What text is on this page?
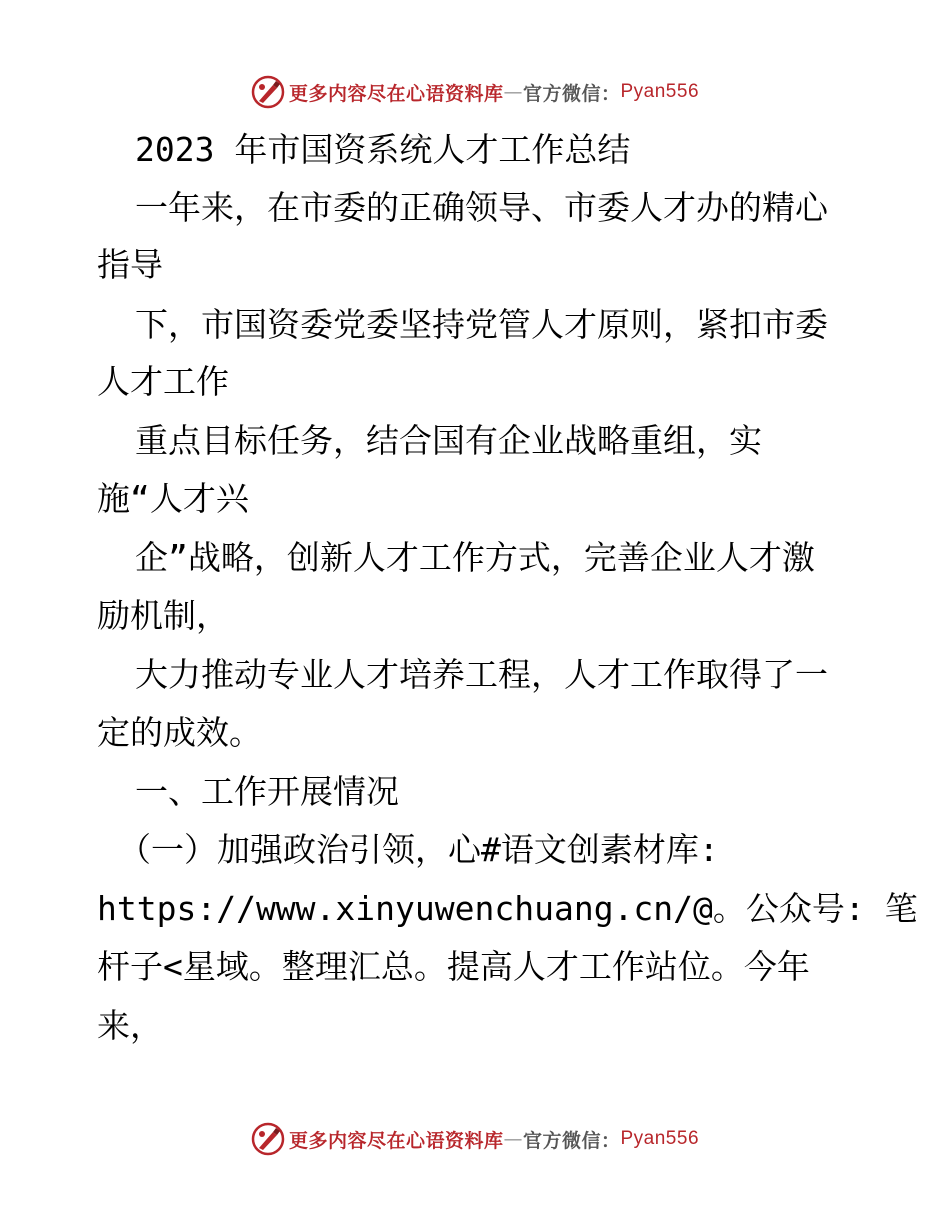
更多内容尽在心语资料库 — 官方微信： Pyan556
2023 年市国资系统人才工作总结
一年来，在市委的正确领导、市委人才办的精心
指导
下，市国资委党委坚持党管人才原则，紧扣市委
人才工作
重点目标任务，结合国有企业战略重组，实
施“人才兴
企”战略，创新人才工作方式，完善企业人才激
励机制，
大力推动专业人才培养工程，人才工作取得了一
定的成效。
一、工作开展情况
（一）加强政治引领，心#语文创素材库:
https://www.xinyuwenchuang.cn/@。公众号: 笔
杆子<星域。整理汇总。提高人才工作站位。今年
来，
更多内容尽在心语资料库 — 官方微信： Pyan556
